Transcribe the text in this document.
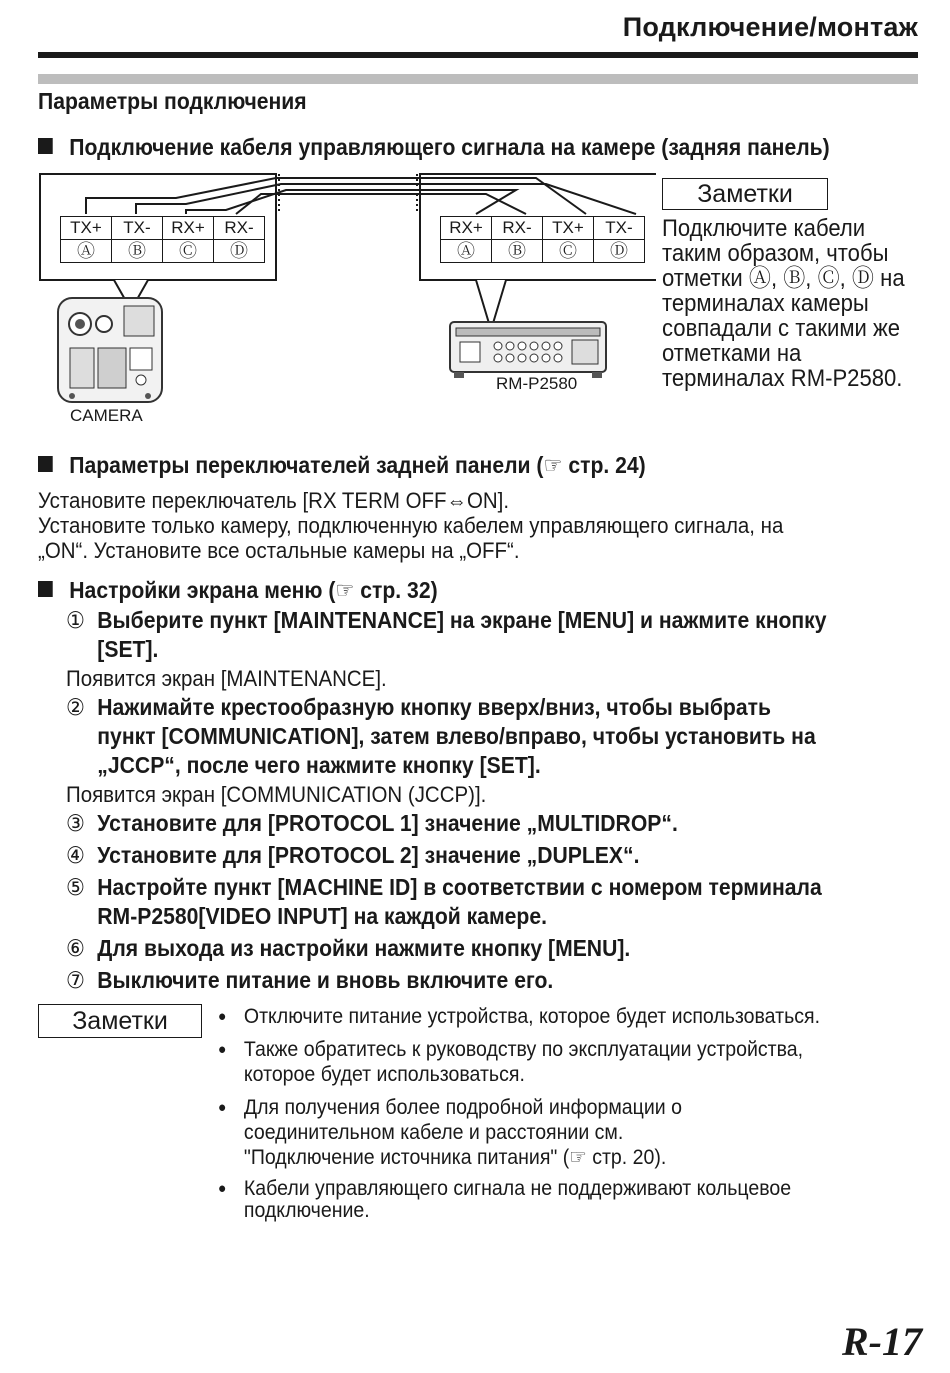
Подключение/монтаж
Параметры подключения
Подключение кабеля управляющего сигнала на камере (задняя панель)
TX+
Ⓐ
TX-
Ⓑ
RX+
Ⓒ
RX-
Ⓓ
RX+
Ⓐ
RX-
Ⓑ
TX+
Ⓒ
TX-
Ⓓ
CAMERA
RM-P2580
Заметки
Подключите кабели таким образом, чтобы отметки Ⓐ, Ⓑ, Ⓒ, Ⓓ на терминалах камеры совпадали с такими же отметками на терминалах RM-P2580.
Параметры переключателей задней панели (☞ стр. 24)
Установите переключатель [RX TERM OFF⇔ON].
Установите только камеру, подключенную кабелем управляющего сигнала, на
„ON“. Установите все остальные камеры на „OFF“.
Настройки экрана меню (☞ стр. 32)
① Выберите пункт [MAINTENANCE] на экране [MENU] и нажмите кнопку
[SET].
Появится экран [MAINTENANCE].
② Нажимайте крестообразную кнопку вверх/вниз, чтобы выбрать
пункт [COMMUNICATION], затем влево/вправо, чтобы установить на
„JCCP“, после чего нажмите кнопку [SET].
Появится экран [COMMUNICATION (JCCP)].
③ Установите для [PROTOCOL 1] значение „MULTIDROP“.
④ Установите для [PROTOCOL 2] значение „DUPLEX“.
⑤ Настройте пункт [MACHINE ID] в соответствии с номером терминала
RM-P2580[VIDEO INPUT] на каждой камере.
⑥ Для выхода из настройки нажмите кнопку [MENU].
⑦ Выключите питание и вновь включите его.
Заметки	● Отключите питание устройства, которое будет использоваться.
● Также обратитесь к руководству по эксплуатации устройства,
которое будет использоваться.
● Для получения более подробной информации о
соединительном кабеле и расстоянии см.
"Подключение источника питания" (☞ стр. 20).
● Кабели управляющего сигнала не поддерживают кольцевое
подключение.
R-17
